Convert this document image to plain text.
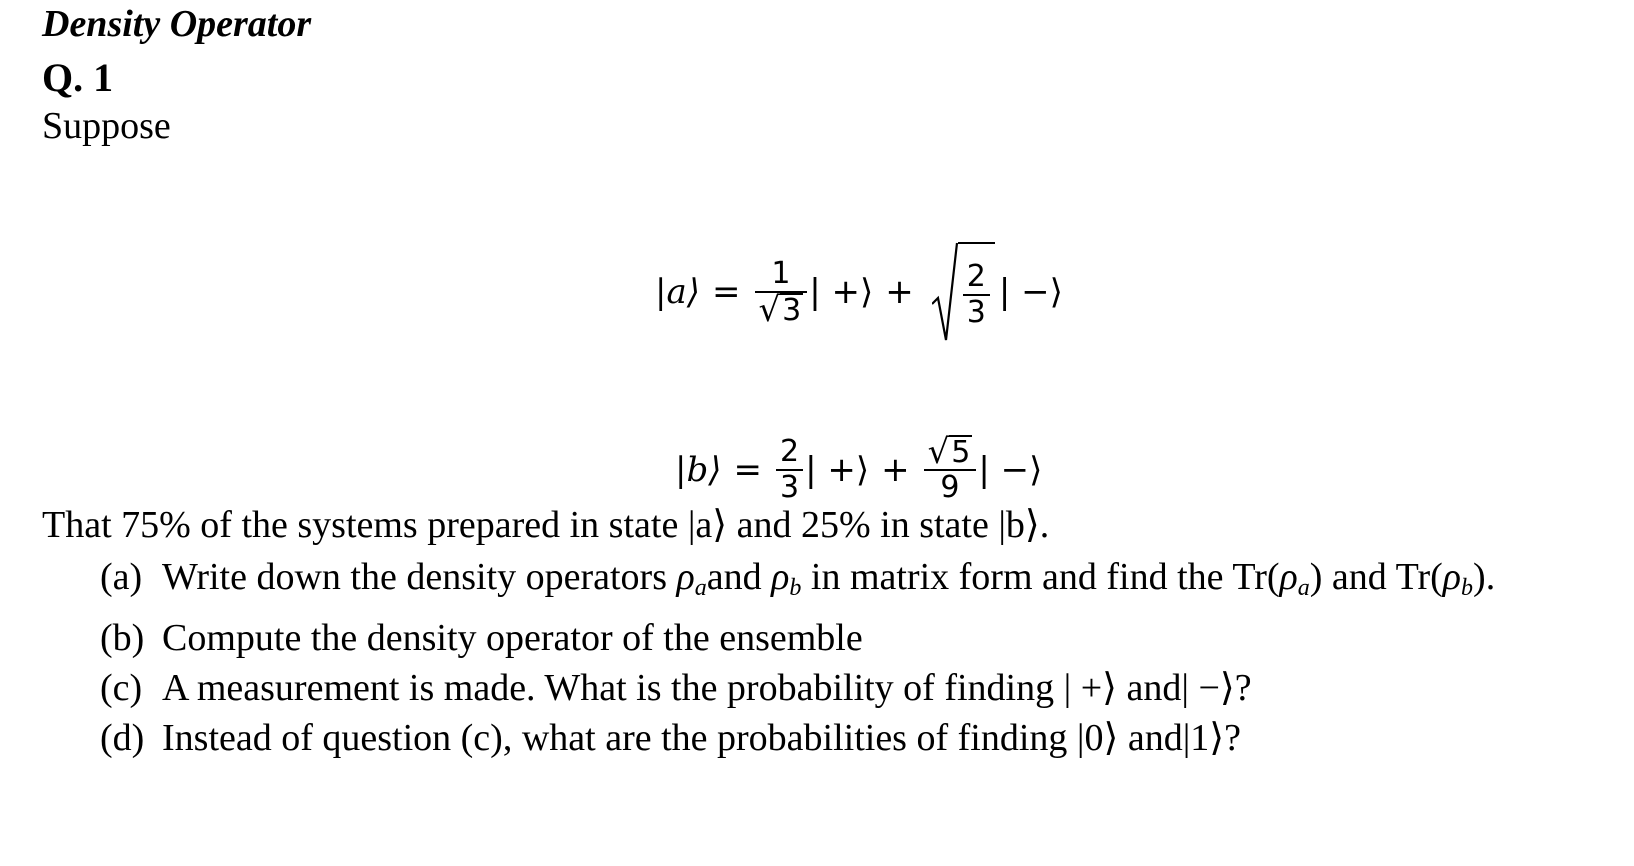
Density Operator
Q. 1
Suppose
|a⟩ = $\frac{1}{√ 3}$ | +⟩ + $\frac{2}{3}$ | −⟩
|b⟩ = $\frac{2}{3}$ | +⟩ + $\frac{√ 5}{9}$ | −⟩
That 75% of the systems prepared in state |a⟩ and 25% in state |b⟩.
(a) Write down the density operators $\rho_aand$ $\rho_b$ in matrix form and find the $Tr(\rho_a)$ and $Tr(\rho_b)$.
(b) Compute the density operator of the ensemble
(c) A measurement is made. What is the probability of finding | +⟩ and| −⟩?
(d) Instead of question (c), what are the probabilities of finding |0⟩ and|1⟩?
